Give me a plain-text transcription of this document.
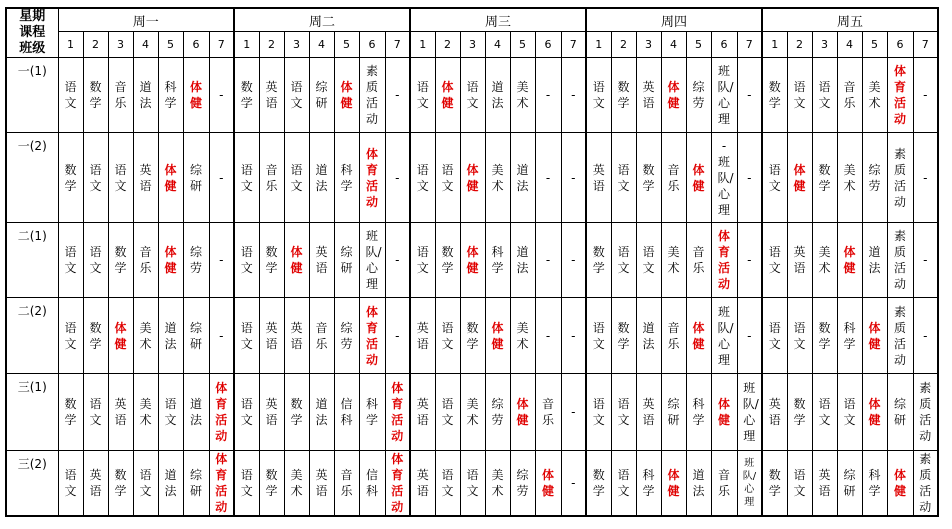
星期
课程
班级	周一							周二							周三							周四							周五						
	1	2	3	4	5	6	7	1	2	3	4	5	6	7	1	2	3	4	5	6	7	1	2	3	4	5	6	7	1	2	3	4	5	6	7
一(1)	语文	数学	音乐	道法	科学	体健	-	数学	英语	语文	综研	体健	素质活动	-	语文	体健	语文	道法	美术	-	-	语文	数学	英语	体健	综劳	班队/心理	-	数学	语文	语文	音乐	美术	体育活动	-

一(2)	数学	语文	语文	英语	体健	综研	-	语文	音乐	语文	道法	科学	体育活动	-	语文	语文	体健	美术	道法	-	-	英语	语文	数学	音乐	体健	-班队/心理	-	语文	体健	数学	美术	综劳	素质活动	-

二(1)	语文	语文	数学	音乐	体健	综劳	-	语文	数学	体健	英语	综研	班队/心理	-	语文	数学	体健	科学	道法	-	-	数学	语文	语文	美术	音乐	体育活动	-	语文	英语	美术	体健	道法	素质活动	-

二(2)	语文	数学	体健	美术	道法	综研	-	语文	英语	英语	音乐	综劳	体育活动	-	英语	语文	数学	体健	美术	-	-	语文	数学	道法	音乐	体健	班队/心理	-	语文	语文	数学	科学	体健	素质活动	-

三(1)	数学	语文	英语	美术	语文	道法	体育活动	语文	英语	数学	道法	信科	科学	体育活动	英语	语文	美术	综劳	体健	音乐	-	语文	语文	英语	综研	科学	体健	班队/心理	英语	数学	语文	语文	体健	综研	素质活动

三(2)	语文	英语	数学	语文	道法	综研	体育活动	语文	数学	美术	英语	音乐	信科	体育活动	英语	语文	语文	美术	综劳	体健	-	数学	语文	科学	体健	道法	音乐	班队/心理	数学	语文	英语	综研	科学	体健	素质活动
